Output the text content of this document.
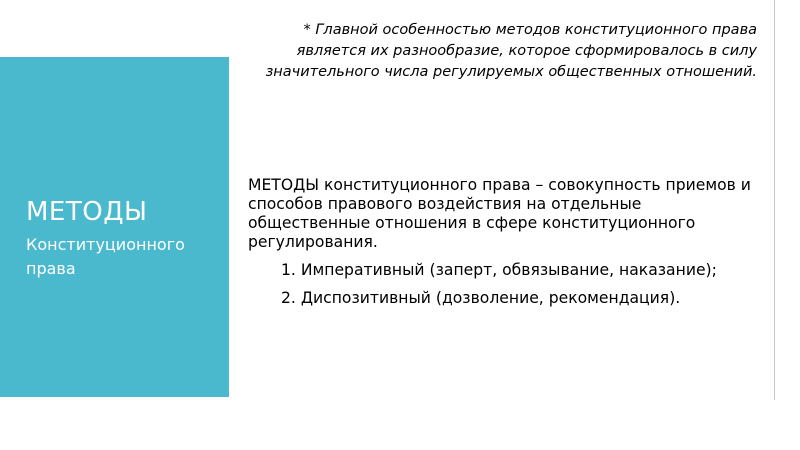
МЕТОДЫ
Конституционного права

* Главной особенностью методов конституционного права является их разнообразие, которое сформировалось в силу значительного числа регулируемых общественных отношений.

МЕТОДЫ конституционного права – совокупность приемов и способов правового воздействия на отдельные общественные отношения в сфере конституционного регулирования.

1. Императивный (заперт, обвязывание, наказание);

2. Диспозитивный (дозволение, рекомендация).
